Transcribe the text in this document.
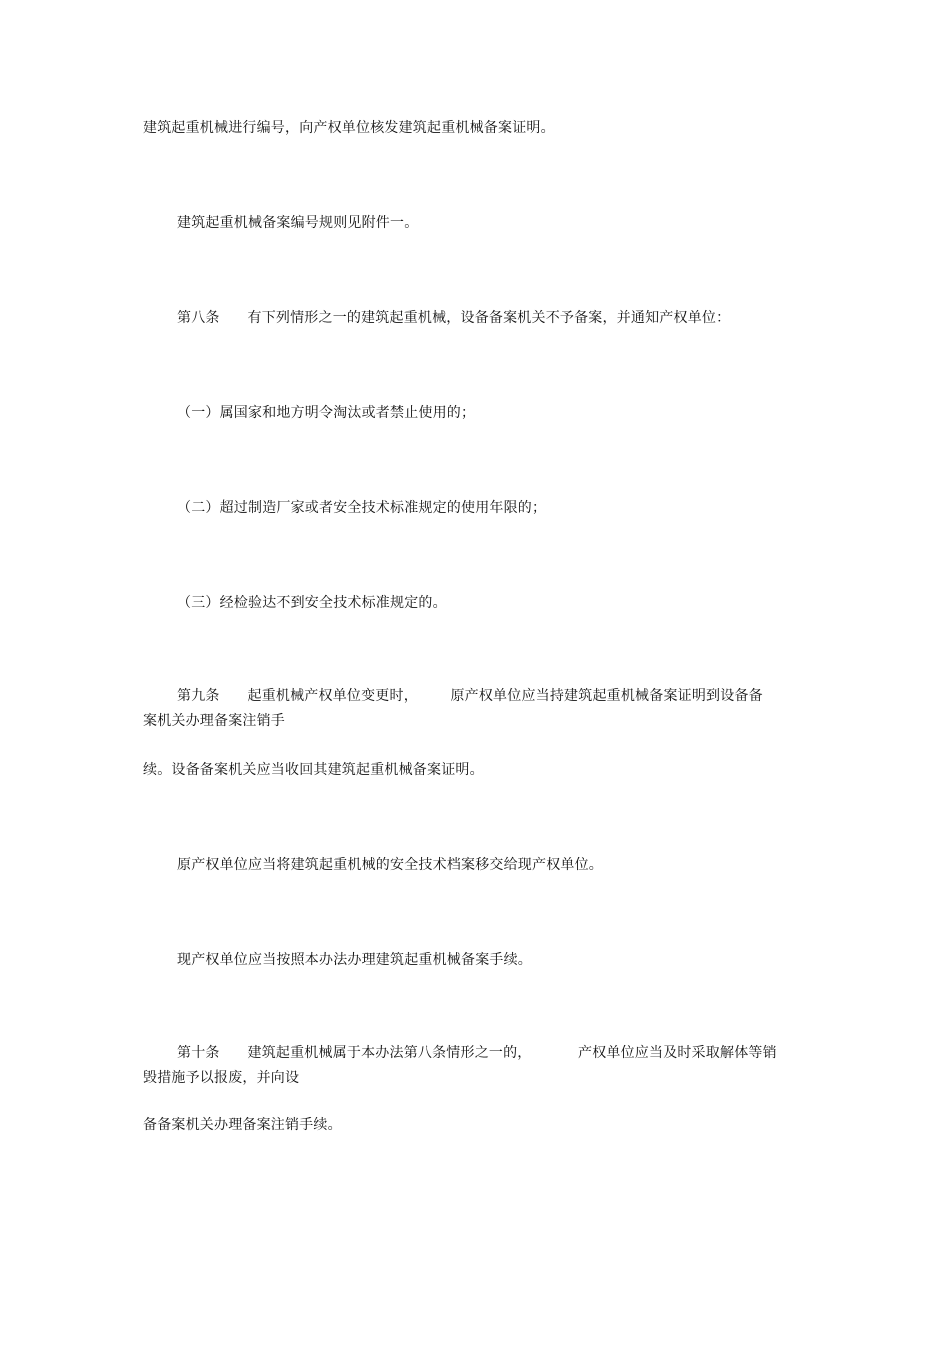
建筑起重机械进行编号，向产权单位核发建筑起重机械备案证明。
建筑起重机械备案编号规则见附件一。
第八条      有下列情形之一的建筑起重机械，设备备案机关不予备案，并通知产权单位：
（一）属国家和地方明令淘汰或者禁止使用的；
（二）超过制造厂家或者安全技术标准规定的使用年限的；
（三）经检验达不到安全技术标准规定的。
第九条      起重机械产权单位变更时，       原产权单位应当持建筑起重机械备案证明到设备备
案机关办理备案注销手
续。设备备案机关应当收回其建筑起重机械备案证明。
原产权单位应当将建筑起重机械的安全技术档案移交给现产权单位。
现产权单位应当按照本办法办理建筑起重机械备案手续。
第十条      建筑起重机械属于本办法第八条情形之一的，          产权单位应当及时采取解体等销
毁措施予以报废，并向设
备备案机关办理备案注销手续。
